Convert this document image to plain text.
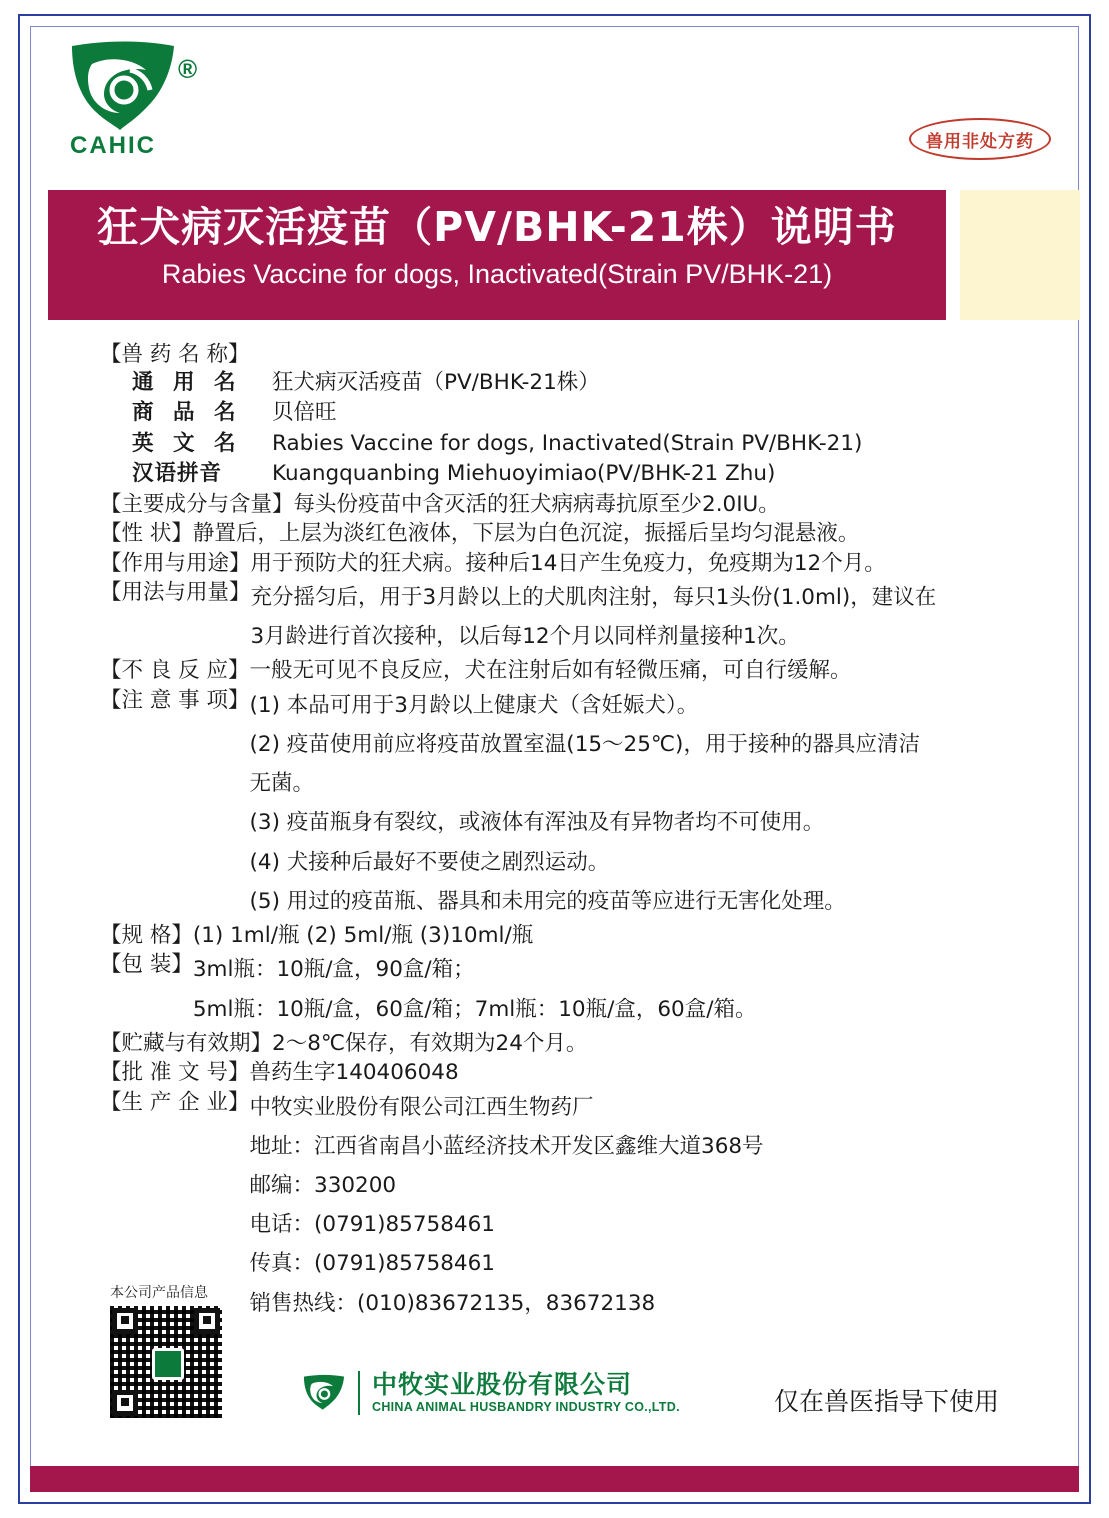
®
CAHIC	兽用非处方药

狂犬病灭活疫苗（PV/BHK-21株）说明书

Rabies Vaccine for dogs, Inactivated(Strain PV/BHK-21)

【兽 药 名 称】
通 用 名	狂犬病灭活疫苗（PV/BHK-21株）
商 品 名	贝倍旺
英 文 名	Rabies Vaccine for dogs, Inactivated(Strain PV/BHK-21)
汉语拼音	Kuangquanbing Miehuoyimiao(PV/BHK-21 Zhu)
【主要成分与含量】 每头份疫苗中含灭活的狂犬病病毒抗原至少2.0IU。
【性 状】 静置后，上层为淡红色液体，下层为白色沉淀，振摇后呈均匀混悬液。
【作用与用途】 用于预防犬的狂犬病。接种后14日产生免疫力，免疫期为12个月。
【用法与用量】 充分摇匀后，用于3月龄以上的犬肌肉注射，每只1头份(1.0ml)，建议在

3月龄进行首次接种，以后每12个月以同样剂量接种1次。

【不 良 反 应】 一般无可见不良反应，犬在注射后如有轻微压痛，可自行缓解。
【注 意 事 项】 (1) 本品可用于3月龄以上健康犬（含妊娠犬）。

(2) 疫苗使用前应将疫苗放置室温(15～25℃)，用于接种的器具应清洁

无菌。

(3) 疫苗瓶身有裂纹，或液体有浑浊及有异物者均不可使用。

(4) 犬接种后最好不要使之剧烈运动。

(5) 用过的疫苗瓶、器具和未用完的疫苗等应进行无害化处理。

【规 格】 (1) 1ml/瓶 (2) 5ml/瓶 (3)10ml/瓶
【包 装】 3ml瓶：10瓶/盒，90盒/箱；

5ml瓶：10瓶/盒，60盒/箱；7ml瓶：10瓶/盒，60盒/箱。

【贮藏与有效期】 2～8℃保存，有效期为24个月。
【批 准 文 号】 兽药生字140406048
【生 产 企 业】 中牧实业股份有限公司江西生物药厂

地址：江西省南昌小蓝经济技术开发区鑫维大道368号

邮编：330200

电话：(0791)85758461

传真：(0791)85758461

销售热线：(010)83672135，83672138

本公司产品信息
中牧实业股份有限公司
CHINA ANIMAL HUSBANDRY INDUSTRY CO.,LTD.	仅在兽医指导下使用
